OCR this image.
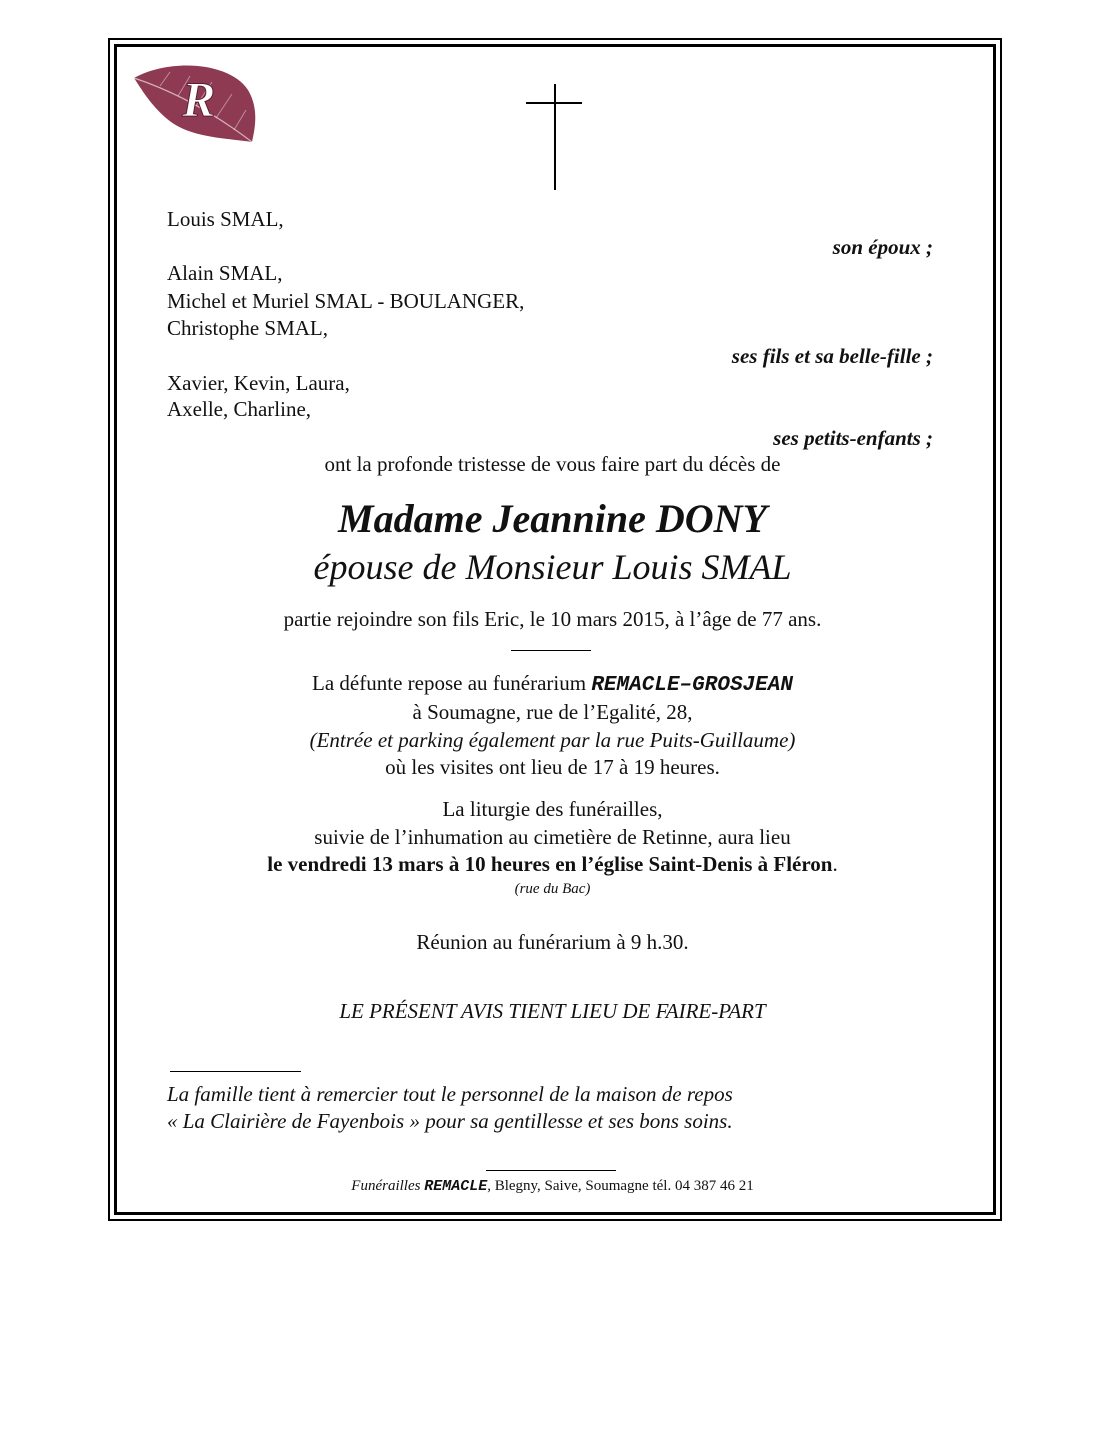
R
Louis SMAL,
son époux ;
Alain SMAL,
Michel et Muriel SMAL - BOULANGER,
Christophe SMAL,
ses fils et sa belle-fille ;
Xavier, Kevin, Laura,
Axelle, Charline,
ses petits-enfants ;
ont la profonde tristesse de vous faire part du décès de
Madame Jeannine DONY
épouse de Monsieur Louis SMAL
partie rejoindre son fils Eric, le 10 mars 2015, à l’âge de 77 ans.
La défunte repose au funérarium REMACLE–GROSJEAN
à Soumagne, rue de l’Egalité, 28,
(Entrée et parking également par la rue Puits-Guillaume)
où les visites ont lieu de 17 à 19 heures.
La liturgie des funérailles,
suivie de l’inhumation au cimetière de Retinne, aura lieu
le vendredi 13 mars à 10 heures en l’église Saint-Denis à Fléron.
(rue du Bac)
Réunion au funérarium à 9 h.30.
LE PRÉSENT AVIS TIENT LIEU DE FAIRE-PART
La famille tient à remercier tout le personnel de la maison de repos
« La Clairière de Fayenbois » pour sa gentillesse et ses bons soins.
Funérailles REMACLE, Blegny, Saive, Soumagne tél. 04 387 46 21
